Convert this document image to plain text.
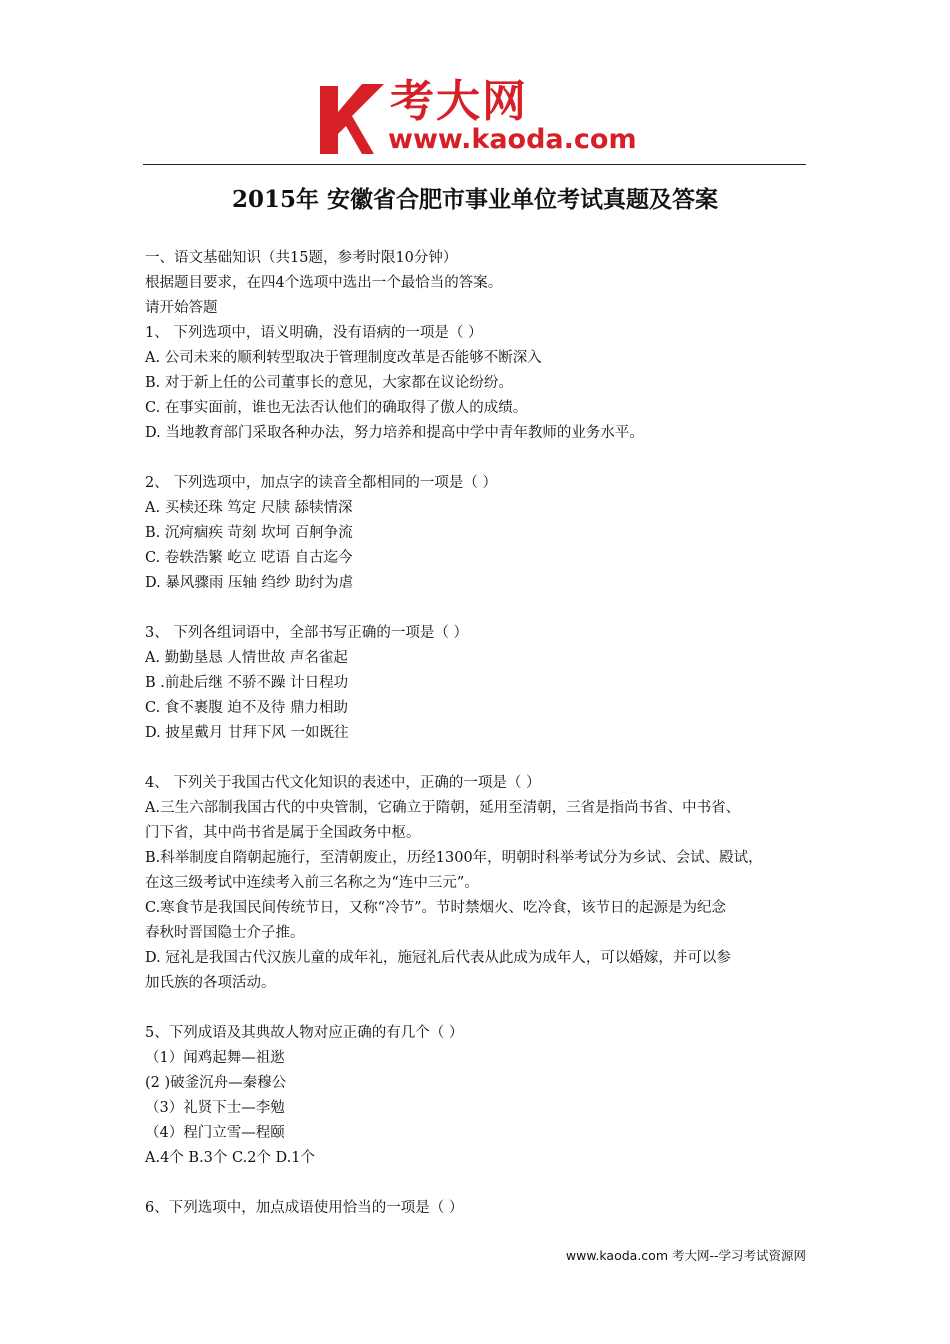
考大网
www.kaoda.com
2015年 安徽省合肥市事业单位考试真题及答案

一、语文基础知识（共15题，参考时限10分钟）

根据题目要求，在四4个选项中选出一个最恰当的答案。

请开始答题

1、 下列选项中，语义明确，没有语病的一项是（ ）

A. 公司未来的顺利转型取决于管理制度改革是否能够不断深入

B. 对于新上任的公司董事长的意见，大家都在议论纷纷。

C. 在事实面前，谁也无法否认他们的确取得了傲人的成绩。

D. 当地教育部门采取各种办法，努力培养和提高中学中青年教师的业务水平。

2、 下列选项中，加点字的读音全都相同的一项是（ ）

A. 买椟还珠 笃定 尺牍 舔犊情深

B. 沉疴痼疾 苛刻 坎坷 百舸争流

C. 卷轶浩繁 屹立 呓语 自古迄今

D. 暴风骤雨 压轴 绉纱 助纣为虐

3、 下列各组词语中，全部书写正确的一项是（ ）

A. 勤勤垦恳 人情世故 声名雀起

B .前赴后继 不骄不躁 计日程功

C. 食不裹腹 迫不及待 鼎力相助

D. 披星戴月 甘拜下风 一如既往

4、 下列关于我国古代文化知识的表述中，正确的一项是（ ）

A.三生六部制我国古代的中央管制，它确立于隋朝，延用至清朝，三省是指尚书省、中书省、

门下省，其中尚书省是属于全国政务中枢。

B.科举制度自隋朝起施行，至清朝废止，历经1300年，明朝时科举考试分为乡试、会试、殿试，

在这三级考试中连续考入前三名称之为“连中三元”。

C.寒食节是我国民间传统节日，又称“冷节”。节时禁烟火、吃冷食，该节日的起源是为纪念

春秋时晋国隐士介子推。

D. 冠礼是我国古代汉族儿童的成年礼，施冠礼后代表从此成为成年人，可以婚嫁，并可以参

加氏族的各项活动。

5、下列成语及其典故人物对应正确的有几个（ ）

（1）闻鸡起舞—祖逖

(2 )破釜沉舟—秦穆公

（3）礼贤下士—李勉

（4）程门立雪—程颐

A.4个 B.3个 C.2个 D.1个

6、下列选项中，加点成语使用恰当的一项是（ ）

www.kaoda.com 考大网--学习考试资源网
